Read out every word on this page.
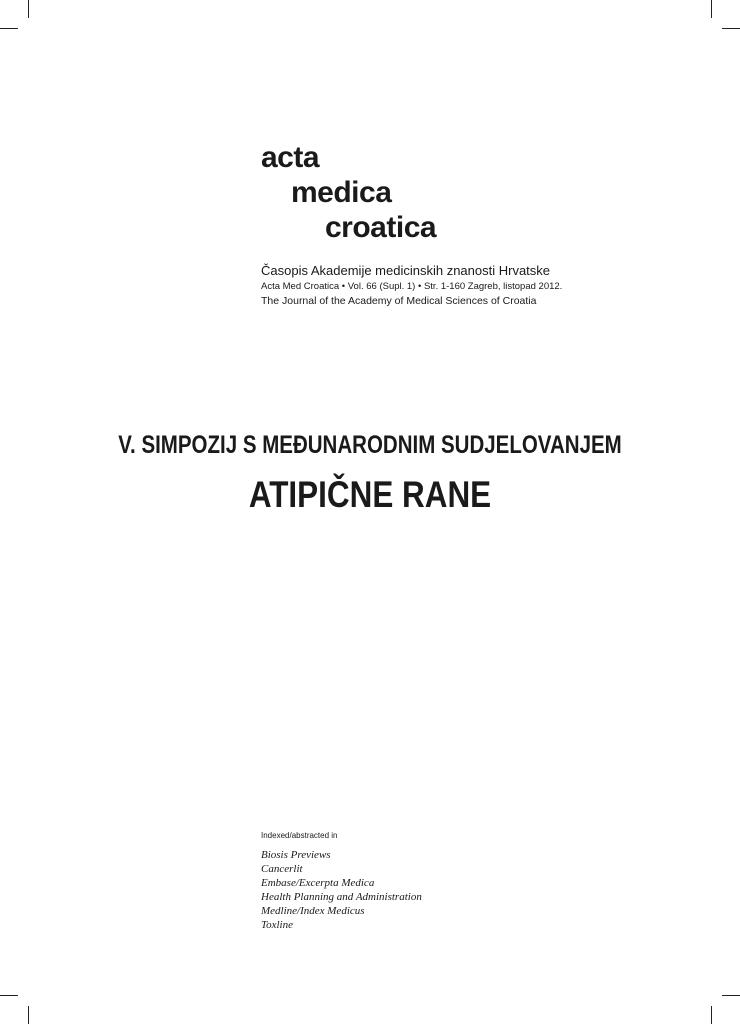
acta
medica
croatica
Časopis Akademije medicinskih znanosti Hrvatske
Acta Med Croatica • Vol. 66 (Supl. 1) • Str. 1-160 Zagreb, listopad 2012.
The Journal of the Academy of Medical Sciences of Croatia
V. SIMPOZIJ S MEĐUNARODNIM SUDJELOVANJEM
ATIPIČNE RANE
Indexed/abstracted in
Biosis Previews
Cancerlit
Embase/Excerpta Medica
Health Planning and Administration
Medline/Index Medicus
Toxline
